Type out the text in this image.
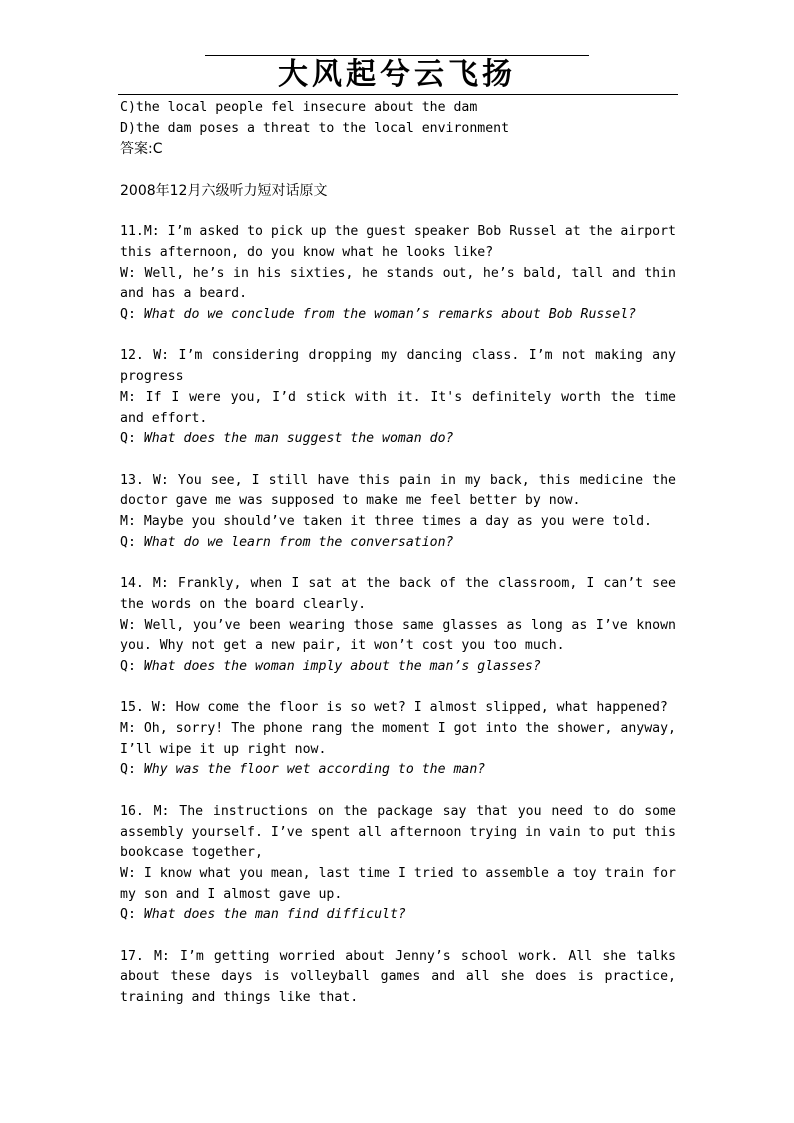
大风起兮云飞扬

C)the local people fel insecure about the dam

D)the dam poses a threat to the local environment

答案:C

2008年12月六级听力短对话原文

11.M: I’m asked to pick up the guest speaker Bob Russel at the airport this afternoon, do you know what he looks like?

W: Well, he’s in his sixties, he stands out, he’s bald, tall and thin and has a beard.

Q: What do we conclude from the woman’s remarks about Bob Russel?

12. W: I’m considering dropping my dancing class. I’m not making any progress

M: If I were you, I’d stick with it. It's definitely worth the time and effort.

Q: What does the man suggest the woman do?

13. W: You see, I still have this pain in my back, this medicine the doctor gave me was supposed to make me feel better by now.

M: Maybe you should’ve taken it three times a day as you were told.

Q: What do we learn from the conversation?

14. M: Frankly, when I sat at the back of the classroom, I can’t see the words on the board clearly.

W: Well, you’ve been wearing those same glasses as long as I’ve known you. Why not get a new pair, it won’t cost you too much.

Q: What does the woman imply about the man’s glasses?

15. W: How come the floor is so wet? I almost slipped, what happened?

M: Oh, sorry! The phone rang the moment I got into the shower, anyway, I’ll wipe it up right now.

Q: Why was the floor wet according to the man?

16. M: The instructions on the package say that you need to do some assembly yourself. I’ve spent all afternoon trying in vain to put this bookcase together,

W: I know what you mean, last time I tried to assemble a toy train for my son and I almost gave up.

Q: What does the man find difficult?

17. M: I’m getting worried about Jenny’s school work. All she talks about these days is volleyball games and all she does is practice, training and things like that.
